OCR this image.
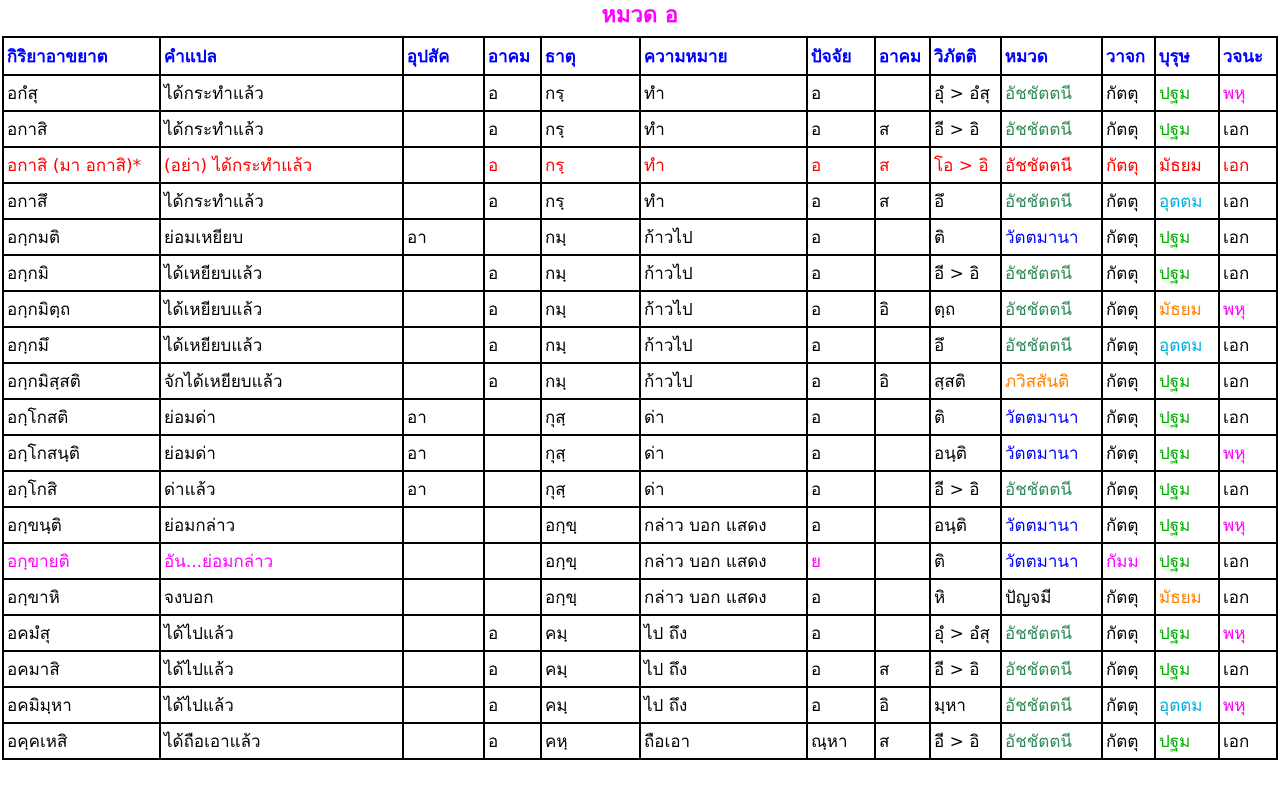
หมวด อ
กิริยาอาขยาต	คำแปล	อุปสัค	อาคม	ธาตุ	ความหมาย	ปัจจัย	อาคม	วิภัตติ	หมวด	วาจก	บุรุษ	วจนะ
อกํสุ	ได้กระทำแล้ว		อ	กรฺ	ทำ	อ		อุํ > อํสุ	อัชชัตตนี	กัตตุ	ปฐม	พหุ
อกาสิ	ได้กระทำแล้ว		อ	กรฺ	ทำ	อ	ส	อี > อิ	อัชชัตตนี	กัตตุ	ปฐม	เอก
อกาสิ (มา อกาสิ)*	(อย่า) ได้กระทำแล้ว		อ	กรฺ	ทำ	อ	ส	โอ > อิ	อัชชัตตนี	กัตตุ	มัธยม	เอก
อกาสึ	ได้กระทำแล้ว		อ	กรฺ	ทำ	อ	ส	อึ	อัชชัตตนี	กัตตุ	อุตตม	เอก
อกฺกมติ	ย่อมเหยียบ	อา		กมฺ	ก้าวไป	อ		ติ	วัตตมานา	กัตตุ	ปฐม	เอก
อกฺกมิ	ได้เหยียบแล้ว		อ	กมฺ	ก้าวไป	อ		อี > อิ	อัชชัตตนี	กัตตุ	ปฐม	เอก
อกฺกมิตฺถ	ได้เหยียบแล้ว		อ	กมฺ	ก้าวไป	อ	อิ	ตฺถ	อัชชัตตนี	กัตตุ	มัธยม	พหุ
อกฺกมึ	ได้เหยียบแล้ว		อ	กมฺ	ก้าวไป	อ		อึ	อัชชัตตนี	กัตตุ	อุตตม	เอก
อกฺกมิสฺสติ	จักได้เหยียบแล้ว		อ	กมฺ	ก้าวไป	อ	อิ	สฺสติ	ภวิสสันติ	กัตตุ	ปฐม	เอก
อกฺโกสติ	ย่อมด่า	อา		กุสฺ	ด่า	อ		ติ	วัตตมานา	กัตตุ	ปฐม	เอก
อกฺโกสนฺติ	ย่อมด่า	อา		กุสฺ	ด่า	อ		อนฺติ	วัตตมานา	กัตตุ	ปฐม	พหุ
อกฺโกสิ	ด่าแล้ว	อา		กุสฺ	ด่า	อ		อี > อิ	อัชชัตตนี	กัตตุ	ปฐม	เอก
อกฺขนฺติ	ย่อมกล่าว			อกฺขฺ	กล่าว บอก แสดง	อ		อนฺติ	วัตตมานา	กัตตุ	ปฐม	พหุ
อกฺขายติ	อัน...ย่อมกล่าว			อกฺขฺ	กล่าว บอก แสดง	ย		ติ	วัตตมานา	กัมม	ปฐม	เอก
อกฺขาหิ	จงบอก			อกฺขฺ	กล่าว บอก แสดง	อ		หิ	ปัญจมี	กัตตุ	มัธยม	เอก
อคมํสุ	ได้ไปแล้ว		อ	คมฺ	ไป ถึง	อ		อุํ > อํสุ	อัชชัตตนี	กัตตุ	ปฐม	พหุ
อคมาสิ	ได้ไปแล้ว		อ	คมฺ	ไป ถึง	อ	ส	อี > อิ	อัชชัตตนี	กัตตุ	ปฐม	เอก
อคมิมฺหา	ได้ไปแล้ว		อ	คมฺ	ไป ถึง	อ	อิ	มฺหา	อัชชัตตนี	กัตตุ	อุตตม	พหุ
อคฺคเหสิ	ได้ถือเอาแล้ว		อ	คหฺ	ถือเอา	ณฺหา	ส	อี > อิ	อัชชัตตนี	กัตตุ	ปฐม	เอก
